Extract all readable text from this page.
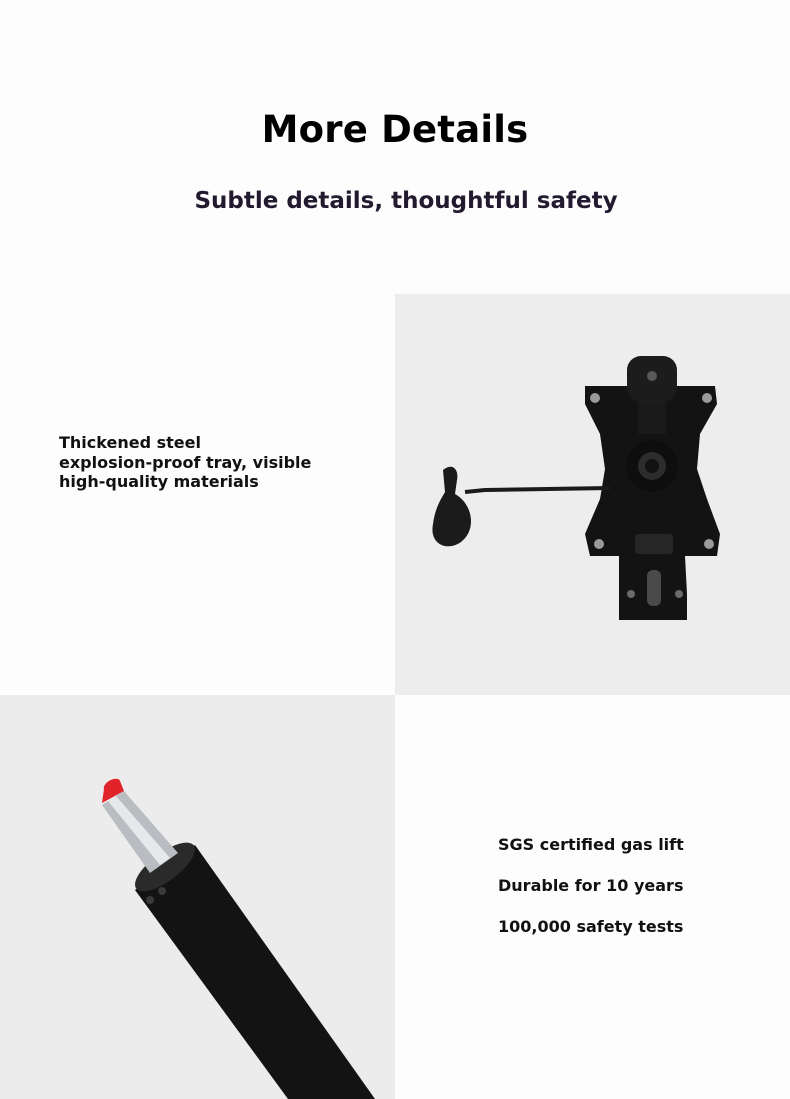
More Details
Subtle details, thoughtful safety

Thickened steel
explosion-proof tray, visible
high-quality materials

SGS certified gas lift
Durable for 10 years
100,000 safety tests
